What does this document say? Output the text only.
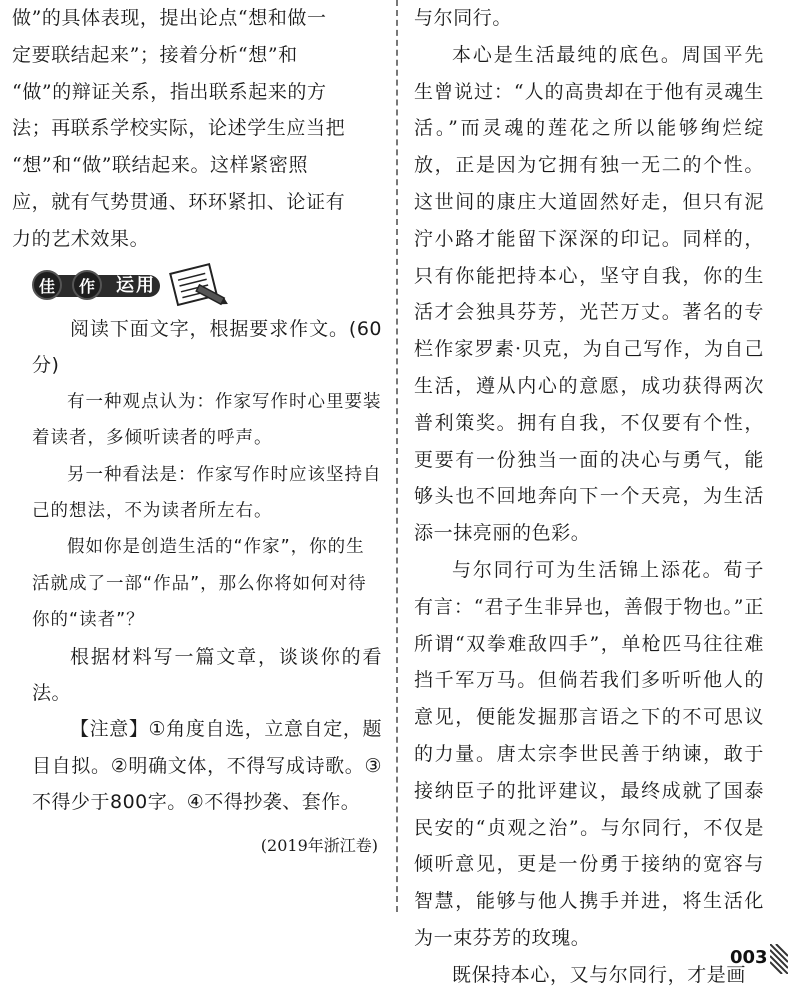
做”的具体表现，提出论点“想和做一

定要联结起来”；接着分析“想”和

“做”的辩证关系，指出联系起来的方

法；再联系学校实际，论述学生应当把

“想”和“做”联结起来。这样紧密照

应，就有气势贯通、环环紧扣、论证有

力的艺术效果。

佳	作	运用

阅读下面文字，根据要求作文。(60分)

有一种观点认为：作家写作时心里要装着读者，多倾听读者的呼声。

另一种看法是：作家写作时应该坚持自己的想法，不为读者所左右。

假如你是创造生活的“作家”，你的生活就成了一部“作品”，那么你将如何对待你的“读者”？

根据材料写一篇文章，谈谈你的看法。

【注意】①角度自选，立意自定，题目自拟。②明确文体，不得写成诗歌。③不得少于800字。④不得抄袭、套作。

(2019年浙江卷)

与尔同行。

本心是生活最纯的底色。周国平先生曾说过：“人的高贵却在于他有灵魂生活。”而灵魂的莲花之所以能够绚烂绽放，正是因为它拥有独一无二的个性。这世间的康庄大道固然好走，但只有泥泞小路才能留下深深的印记。同样的，只有你能把持本心，坚守自我，你的生活才会独具芬芳，光芒万丈。著名的专栏作家罗素·贝克，为自己写作，为自己生活，遵从内心的意愿，成功获得两次普利策奖。拥有自我，不仅要有个性，更要有一份独当一面的决心与勇气，能够头也不回地奔向下一个天亮，为生活添一抹亮丽的色彩。

与尔同行可为生活锦上添花。荀子有言：“君子生非异也，善假于物也。”正所谓“双拳难敌四手”，单枪匹马往往难挡千军万马。但倘若我们多听听他人的意见，便能发掘那言语之下的不可思议的力量。唐太宗李世民善于纳谏，敢于接纳臣子的批评建议，最终成就了国泰民安的“贞观之治”。与尔同行，不仅是倾听意见，更是一份勇于接纳的宽容与智慧，能够与他人携手并进，将生活化为一束芬芳的玫瑰。

既保持本心，又与尔同行，才是画

003
